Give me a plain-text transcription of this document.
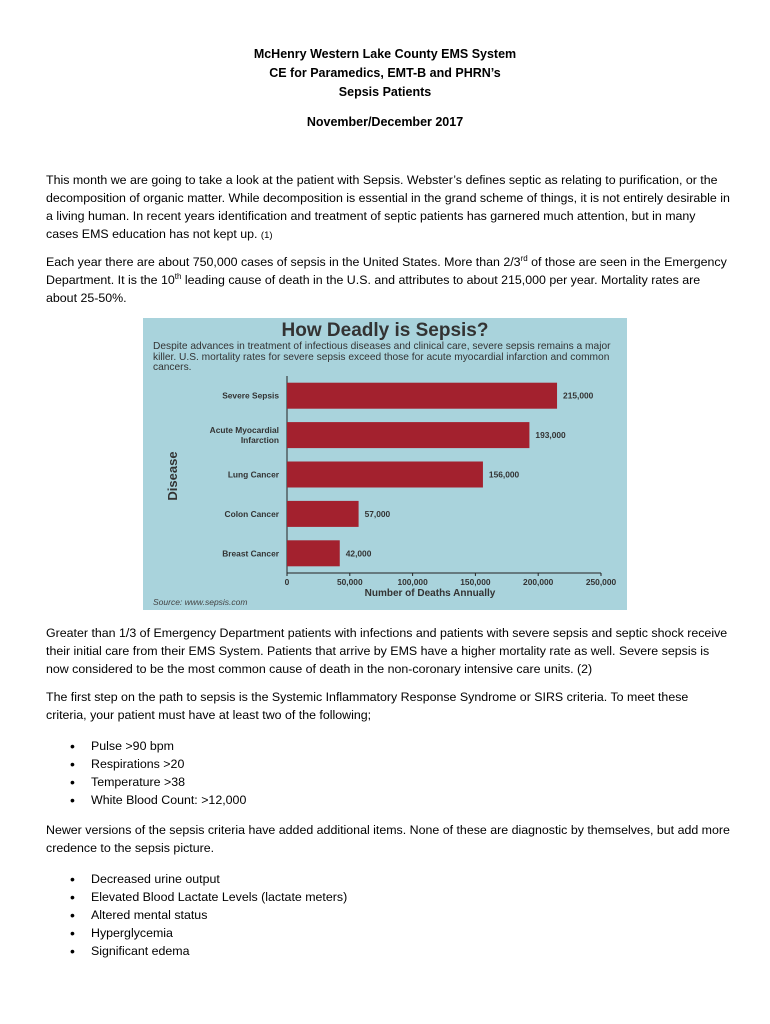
McHenry Western Lake County EMS System
CE for Paramedics, EMT-B and PHRN’s
Sepsis Patients
November/December 2017
This month we are going to take a look at the patient with Sepsis. Webster’s defines septic as relating to purification, or the decomposition of organic matter. While decomposition is essential in the grand scheme of things, it is not entirely desirable in a living human. In recent years identification and treatment of septic patients has garnered much attention, but in many cases EMS education has not kept up. (1)
Each year there are about 750,000 cases of sepsis in the United States. More than 2/3rd of those are seen in the Emergency Department. It is the 10th leading cause of death in the U.S. and attributes to about 215,000 per year. Mortality rates are about 25-50%.
Severe Sepsis	215,000
Acute Myocardial Infarction	193,000
Lung Cancer	156,000
Colon Cancer	57,000
Breast Cancer	42,000
0	50,000	100,000	150,000	200,000	250,000
Number of Deaths Annually
Disease
How Deadly is Sepsis?
Despite advances in treatment of infectious diseases and clinical care, severe sepsis remains a major killer. U.S. mortality rates for severe sepsis exceed those for acute myocardial infarction and common cancers.
Source: www.sepsis.com
Greater than 1/3 of Emergency Department patients with infections and patients with severe sepsis and septic shock receive their initial care from their EMS System. Patients that arrive by EMS have a higher mortality rate as well. Severe sepsis is now considered to be the most common cause of death in the non-coronary intensive care units. (2)
The first step on the path to sepsis is the Systemic Inflammatory Response Syndrome or SIRS criteria. To meet these criteria, your patient must have at least two of the following;
• Pulse >90 bpm
• Respirations >20
• Temperature >38
• White Blood Count: >12,000
Newer versions of the sepsis criteria have added additional items. None of these are diagnostic by themselves, but add more credence to the sepsis picture.
• Decreased urine output
• Elevated Blood Lactate Levels (lactate meters)
• Altered mental status
• Hyperglycemia
• Significant edema
